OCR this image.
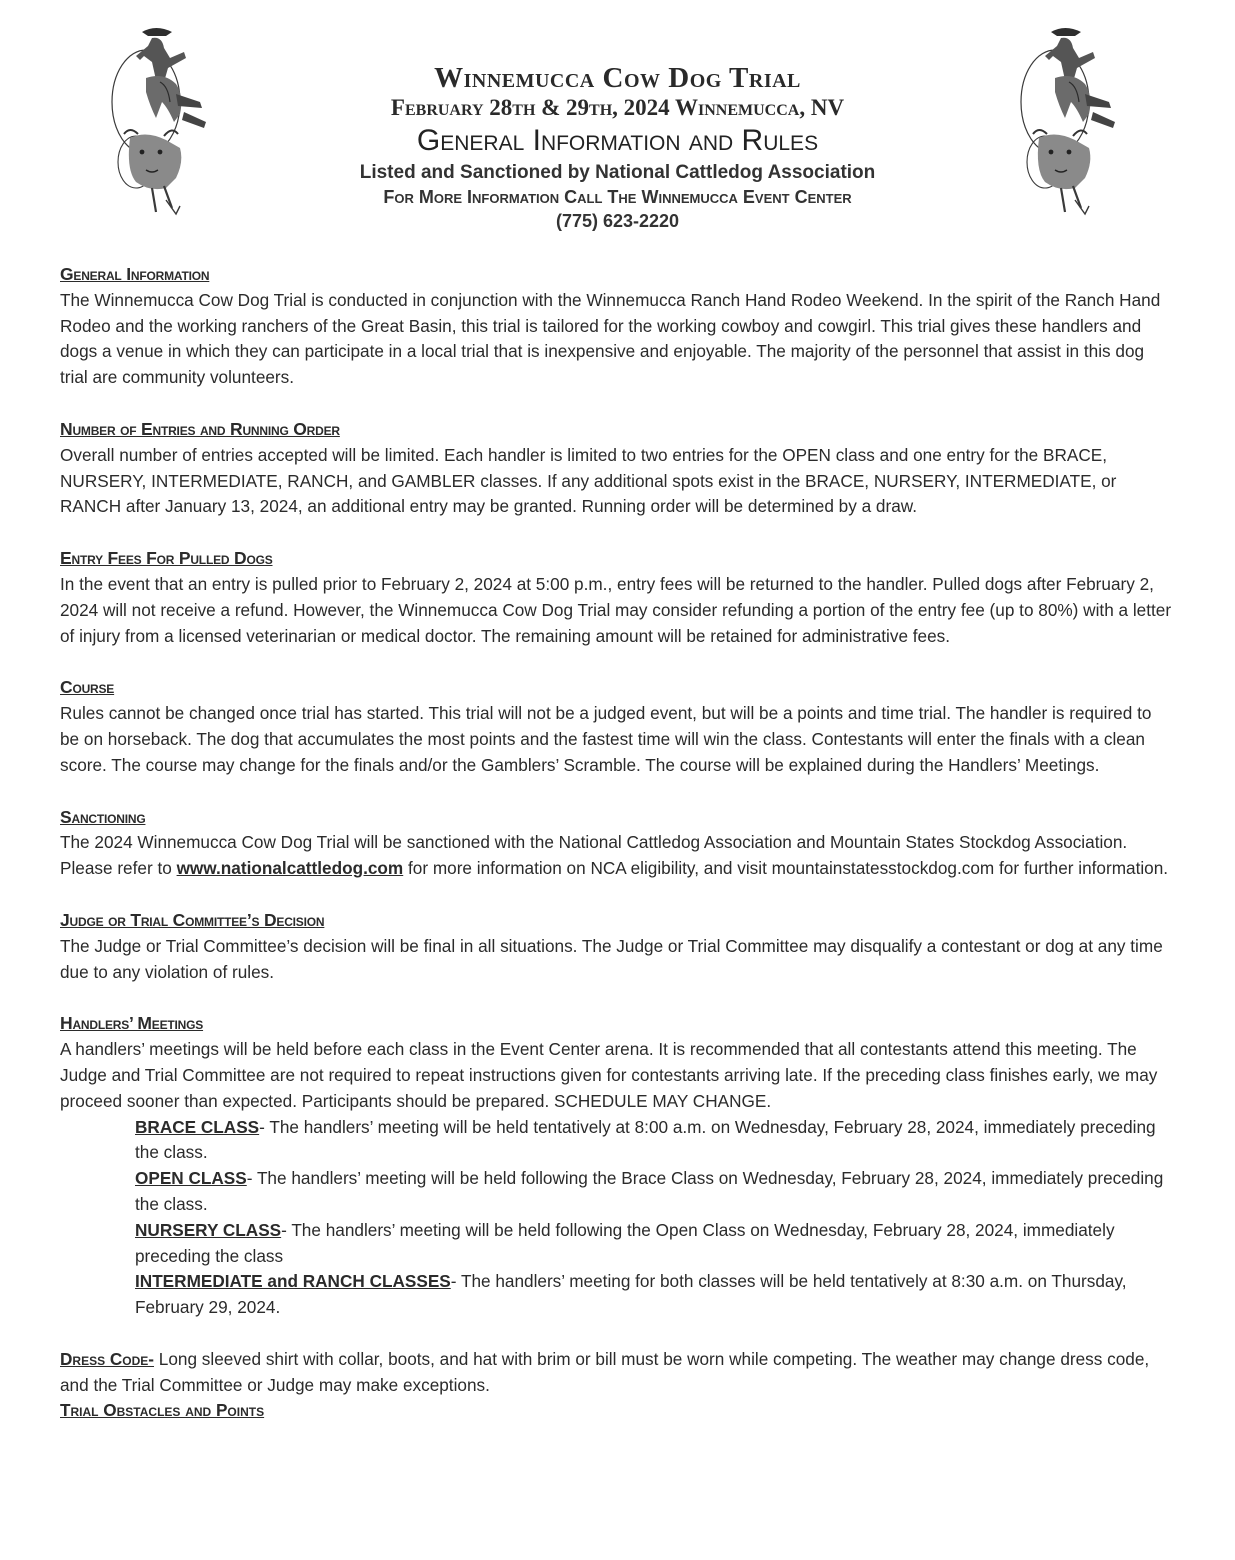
Winnemucca Cow Dog Trial

February 28th & 29th, 2024 Winnemucca, NV

General Information and Rules

Listed and Sanctioned by National Cattledog Association

For More Information Call The Winnemucca Event Center

(775) 623-2220

General Information

The Winnemucca Cow Dog Trial is conducted in conjunction with the Winnemucca Ranch Hand Rodeo Weekend. In the spirit of the Ranch Hand Rodeo and the working ranchers of the Great Basin, this trial is tailored for the working cowboy and cowgirl. This trial gives these handlers and dogs a venue in which they can participate in a local trial that is inexpensive and enjoyable. The majority of the personnel that assist in this dog trial are community volunteers.

Number of Entries and Running Order

Overall number of entries accepted will be limited. Each handler is limited to two entries for the OPEN class and one entry for the BRACE, NURSERY, INTERMEDIATE, RANCH, and GAMBLER classes. If any additional spots exist in the BRACE, NURSERY, INTERMEDIATE, or RANCH after January 13, 2024, an additional entry may be granted. Running order will be determined by a draw.

Entry Fees For Pulled Dogs

In the event that an entry is pulled prior to February 2, 2024 at 5:00 p.m., entry fees will be returned to the handler. Pulled dogs after February 2, 2024 will not receive a refund. However, the Winnemucca Cow Dog Trial may consider refunding a portion of the entry fee (up to 80%) with a letter of injury from a licensed veterinarian or medical doctor. The remaining amount will be retained for administrative fees.

Course

Rules cannot be changed once trial has started. This trial will not be a judged event, but will be a points and time trial. The handler is required to be on horseback. The dog that accumulates the most points and the fastest time will win the class. Contestants will enter the finals with a clean score. The course may change for the finals and/or the Gamblers’ Scramble. The course will be explained during the Handlers’ Meetings.

Sanctioning

The 2024 Winnemucca Cow Dog Trial will be sanctioned with the National Cattledog Association and Mountain States Stockdog Association. Please refer to www.nationalcattledog.com for more information on NCA eligibility, and visit mountainstatesstockdog.com for further information.

Judge or Trial Committee’s Decision

The Judge or Trial Committee’s decision will be final in all situations. The Judge or Trial Committee may disqualify a contestant or dog at any time due to any violation of rules.

Handlers’ Meetings

A handlers’ meetings will be held before each class in the Event Center arena. It is recommended that all contestants attend this meeting. The Judge and Trial Committee are not required to repeat instructions given for contestants arriving late. If the preceding class finishes early, we may proceed sooner than expected. Participants should be prepared. SCHEDULE MAY CHANGE.

BRACE CLASS- The handlers’ meeting will be held tentatively at 8:00 a.m. on Wednesday, February 28, 2024, immediately preceding the class.

OPEN CLASS- The handlers’ meeting will be held following the Brace Class on Wednesday, February 28, 2024, immediately preceding the class.

NURSERY CLASS- The handlers’ meeting will be held following the Open Class on Wednesday, February 28, 2024, immediately preceding the class

INTERMEDIATE and RANCH CLASSES- The handlers’ meeting for both classes will be held tentatively at 8:30 a.m. on Thursday, February 29, 2024.

Dress Code- Long sleeved shirt with collar, boots, and hat with brim or bill must be worn while competing. The weather may change dress code, and the Trial Committee or Judge may make exceptions.

Trial Obstacles and Points
